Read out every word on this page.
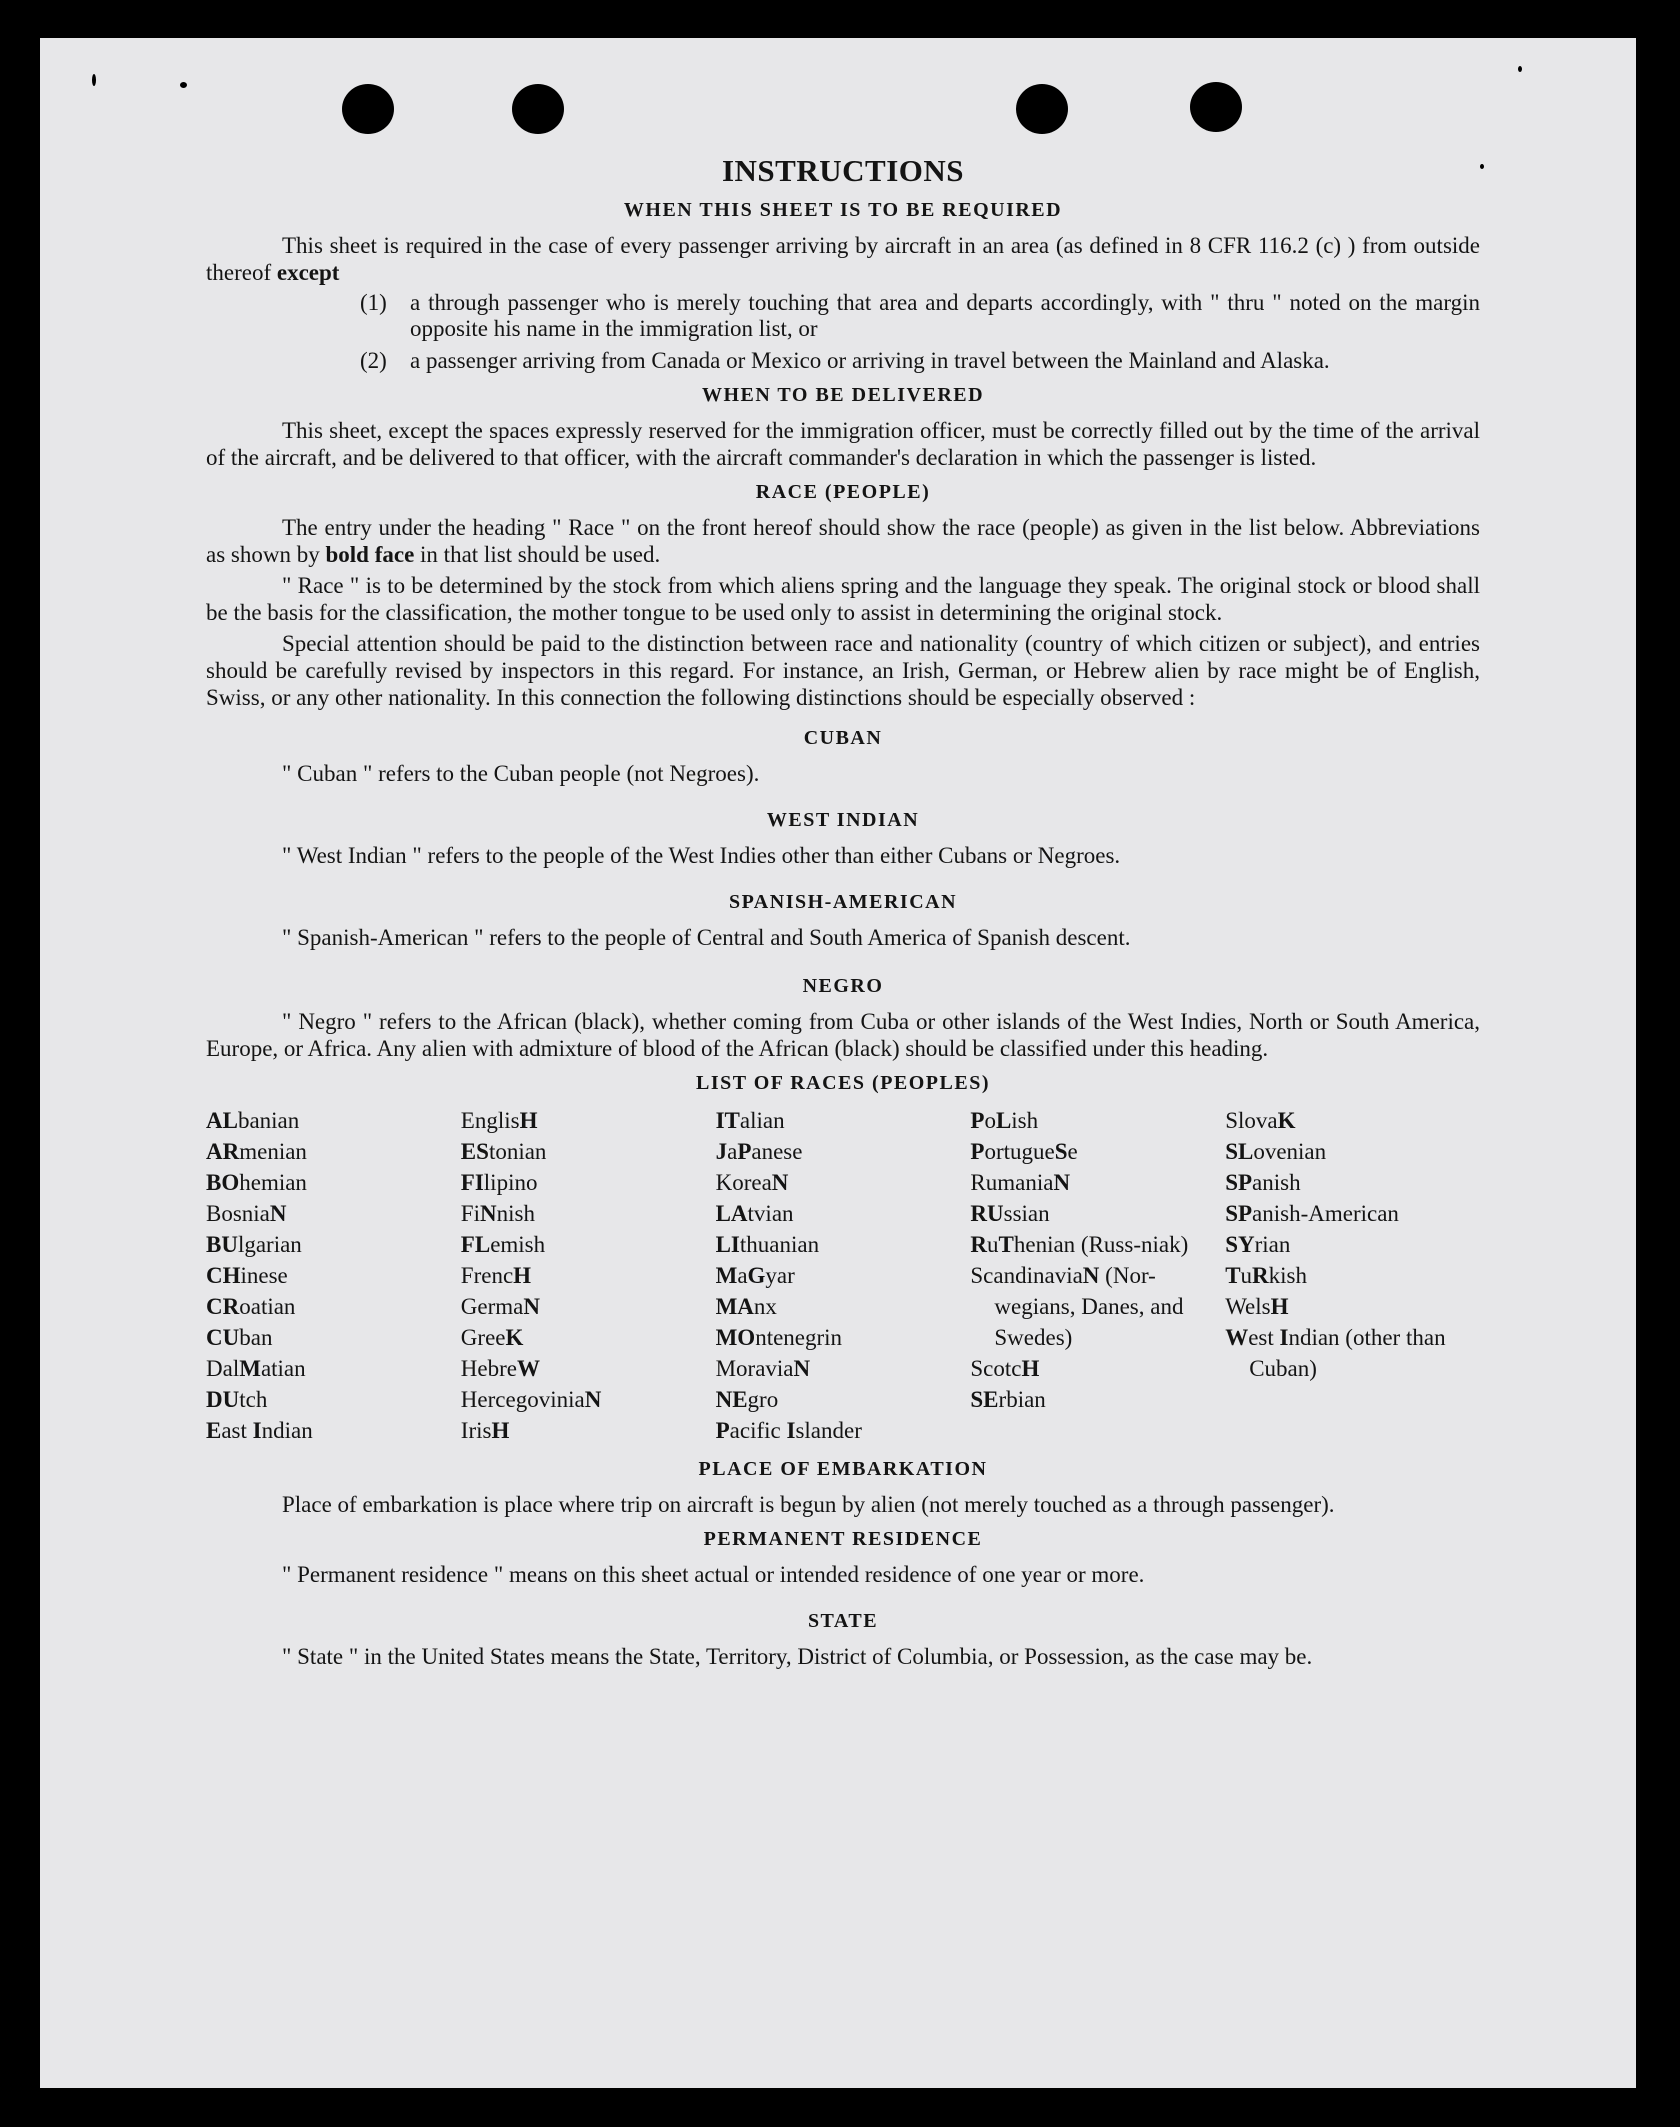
INSTRUCTIONS
WHEN THIS SHEET IS TO BE REQUIRED

This sheet is required in the case of every passenger arriving by aircraft in an area (as defined in 8 CFR 116.2 (c) ) from outside thereof except

(1)	a through passenger who is merely touching that area and departs accordingly, with " thru " noted on the margin opposite his name in the immigration list, or
(2)	a passenger arriving from Canada or Mexico or arriving in travel between the Mainland and Alaska.
WHEN TO BE DELIVERED

This sheet, except the spaces expressly reserved for the immigration officer, must be correctly filled out by the time of the arrival of the aircraft, and be delivered to that officer, with the aircraft commander's declaration in which the passenger is listed.

RACE (PEOPLE)

The entry under the heading " Race " on the front hereof should show the race (people) as given in the list below. Abbreviations as shown by bold face in that list should be used.

" Race " is to be determined by the stock from which aliens spring and the language they speak. The original stock or blood shall be the basis for the classification, the mother tongue to be used only to assist in determining the original stock.

Special attention should be paid to the distinction between race and nationality (country of which citizen or subject), and entries should be carefully revised by inspectors in this regard. For instance, an Irish, German, or Hebrew alien by race might be of English, Swiss, or any other nationality. In this connection the following distinctions should be especially observed :

CUBAN

" Cuban " refers to the Cuban people (not Negroes).

WEST INDIAN

" West Indian " refers to the people of the West Indies other than either Cubans or Negroes.

SPANISH-AMERICAN

" Spanish-American " refers to the people of Central and South America of Spanish descent.

NEGRO

" Negro " refers to the African (black), whether coming from Cuba or other islands of the West Indies, North or South America, Europe, or Africa. Any alien with admixture of blood of the African (black) should be classified under this heading.

LIST OF RACES (PEOPLES)
ALbanian
ARmenian
BOhemian
BosniaN
BUlgarian
CHinese
CRoatian
CUban
DalMatian
DUtch
East Indian
EnglisH
EStonian
FIlipino
FiNnish
FLemish
FrencH
GermaN
GreeK
HebreW
HercegoviniaN
IrisH
ITalian
JaPanese
KoreaN
LAtvian
LIthuanian
MaGyar
MAnx
MOntenegrin
MoraviaN
NEgro
Pacific Islander
PoLish
PortugueSe
RumaniaN
RUssian
RuThenian (Russ-niak)
ScandinaviaN (Nor-wegians, Danes, and Swedes)
ScotcH
SErbian
SlovaK
SLovenian
SPanish
SPanish-American
SYrian
TuRkish
WelsH
West Indian (other than Cuban)
PLACE OF EMBARKATION

Place of embarkation is place where trip on aircraft is begun by alien (not merely touched as a through passenger).

PERMANENT RESIDENCE

" Permanent residence " means on this sheet actual or intended residence of one year or more.

STATE

" State " in the United States means the State, Territory, District of Columbia, or Possession, as the case may be.
